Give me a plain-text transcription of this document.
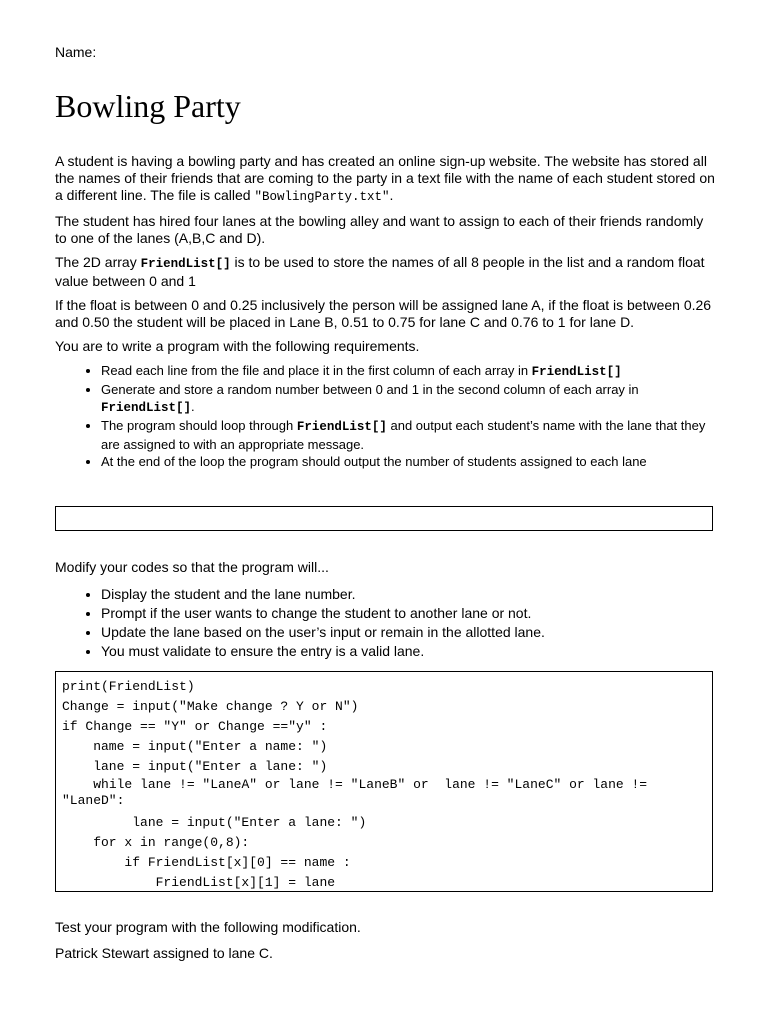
Name:
Bowling Party

A student is having a bowling party and has created an online sign-up website. The website has stored all the names of their friends that are coming to the party in a text file with the name of each student stored on a different line. The file is called "BowlingParty.txt".

The student has hired four lanes at the bowling alley and want to assign to each of their friends randomly to one of the lanes (A,B,C and D).

The 2D array FriendList[] is to be used to store the names of all 8 people in the list and a random float value between 0 and 1

If the float is between 0 and 0.25 inclusively the person will be assigned lane A, if the float is between 0.26 and 0.50 the student will be placed in Lane B, 0.51 to 0.75 for lane C and 0.76 to 1 for lane D.

You are to write a program with the following requirements.

• Read each line from the file and place it in the first column of each array in FriendList[]
• Generate and store a random number between 0 and 1 in the second column of each array in FriendList[].
• The program should loop through FriendList[] and output each student’s name with the lane that they are assigned to with an appropriate message.
• At the end of the loop the program should output the number of students assigned to each lane

Modify your codes so that the program will...

• Display the student and the lane number.
• Prompt if the user wants to change the student to another lane or not.
• Update the lane based on the user’s input or remain in the allotted lane.
• You must validate to ensure the entry is a valid lane.
print(FriendList)
Change = input("Make change ? Y or N")
if Change == "Y" or Change =="y" :
name = input("Enter a name: ")
lane = input("Enter a lane: ")
while lane != "LaneA" or lane != "LaneB" or  lane != "LaneC" or lane != "LaneD":
lane = input("Enter a lane: ")
for x in range(0,8):
if FriendList[x][0] == name :
FriendList[x][1] = lane

Test your program with the following modification.

Patrick Stewart assigned to lane C.
